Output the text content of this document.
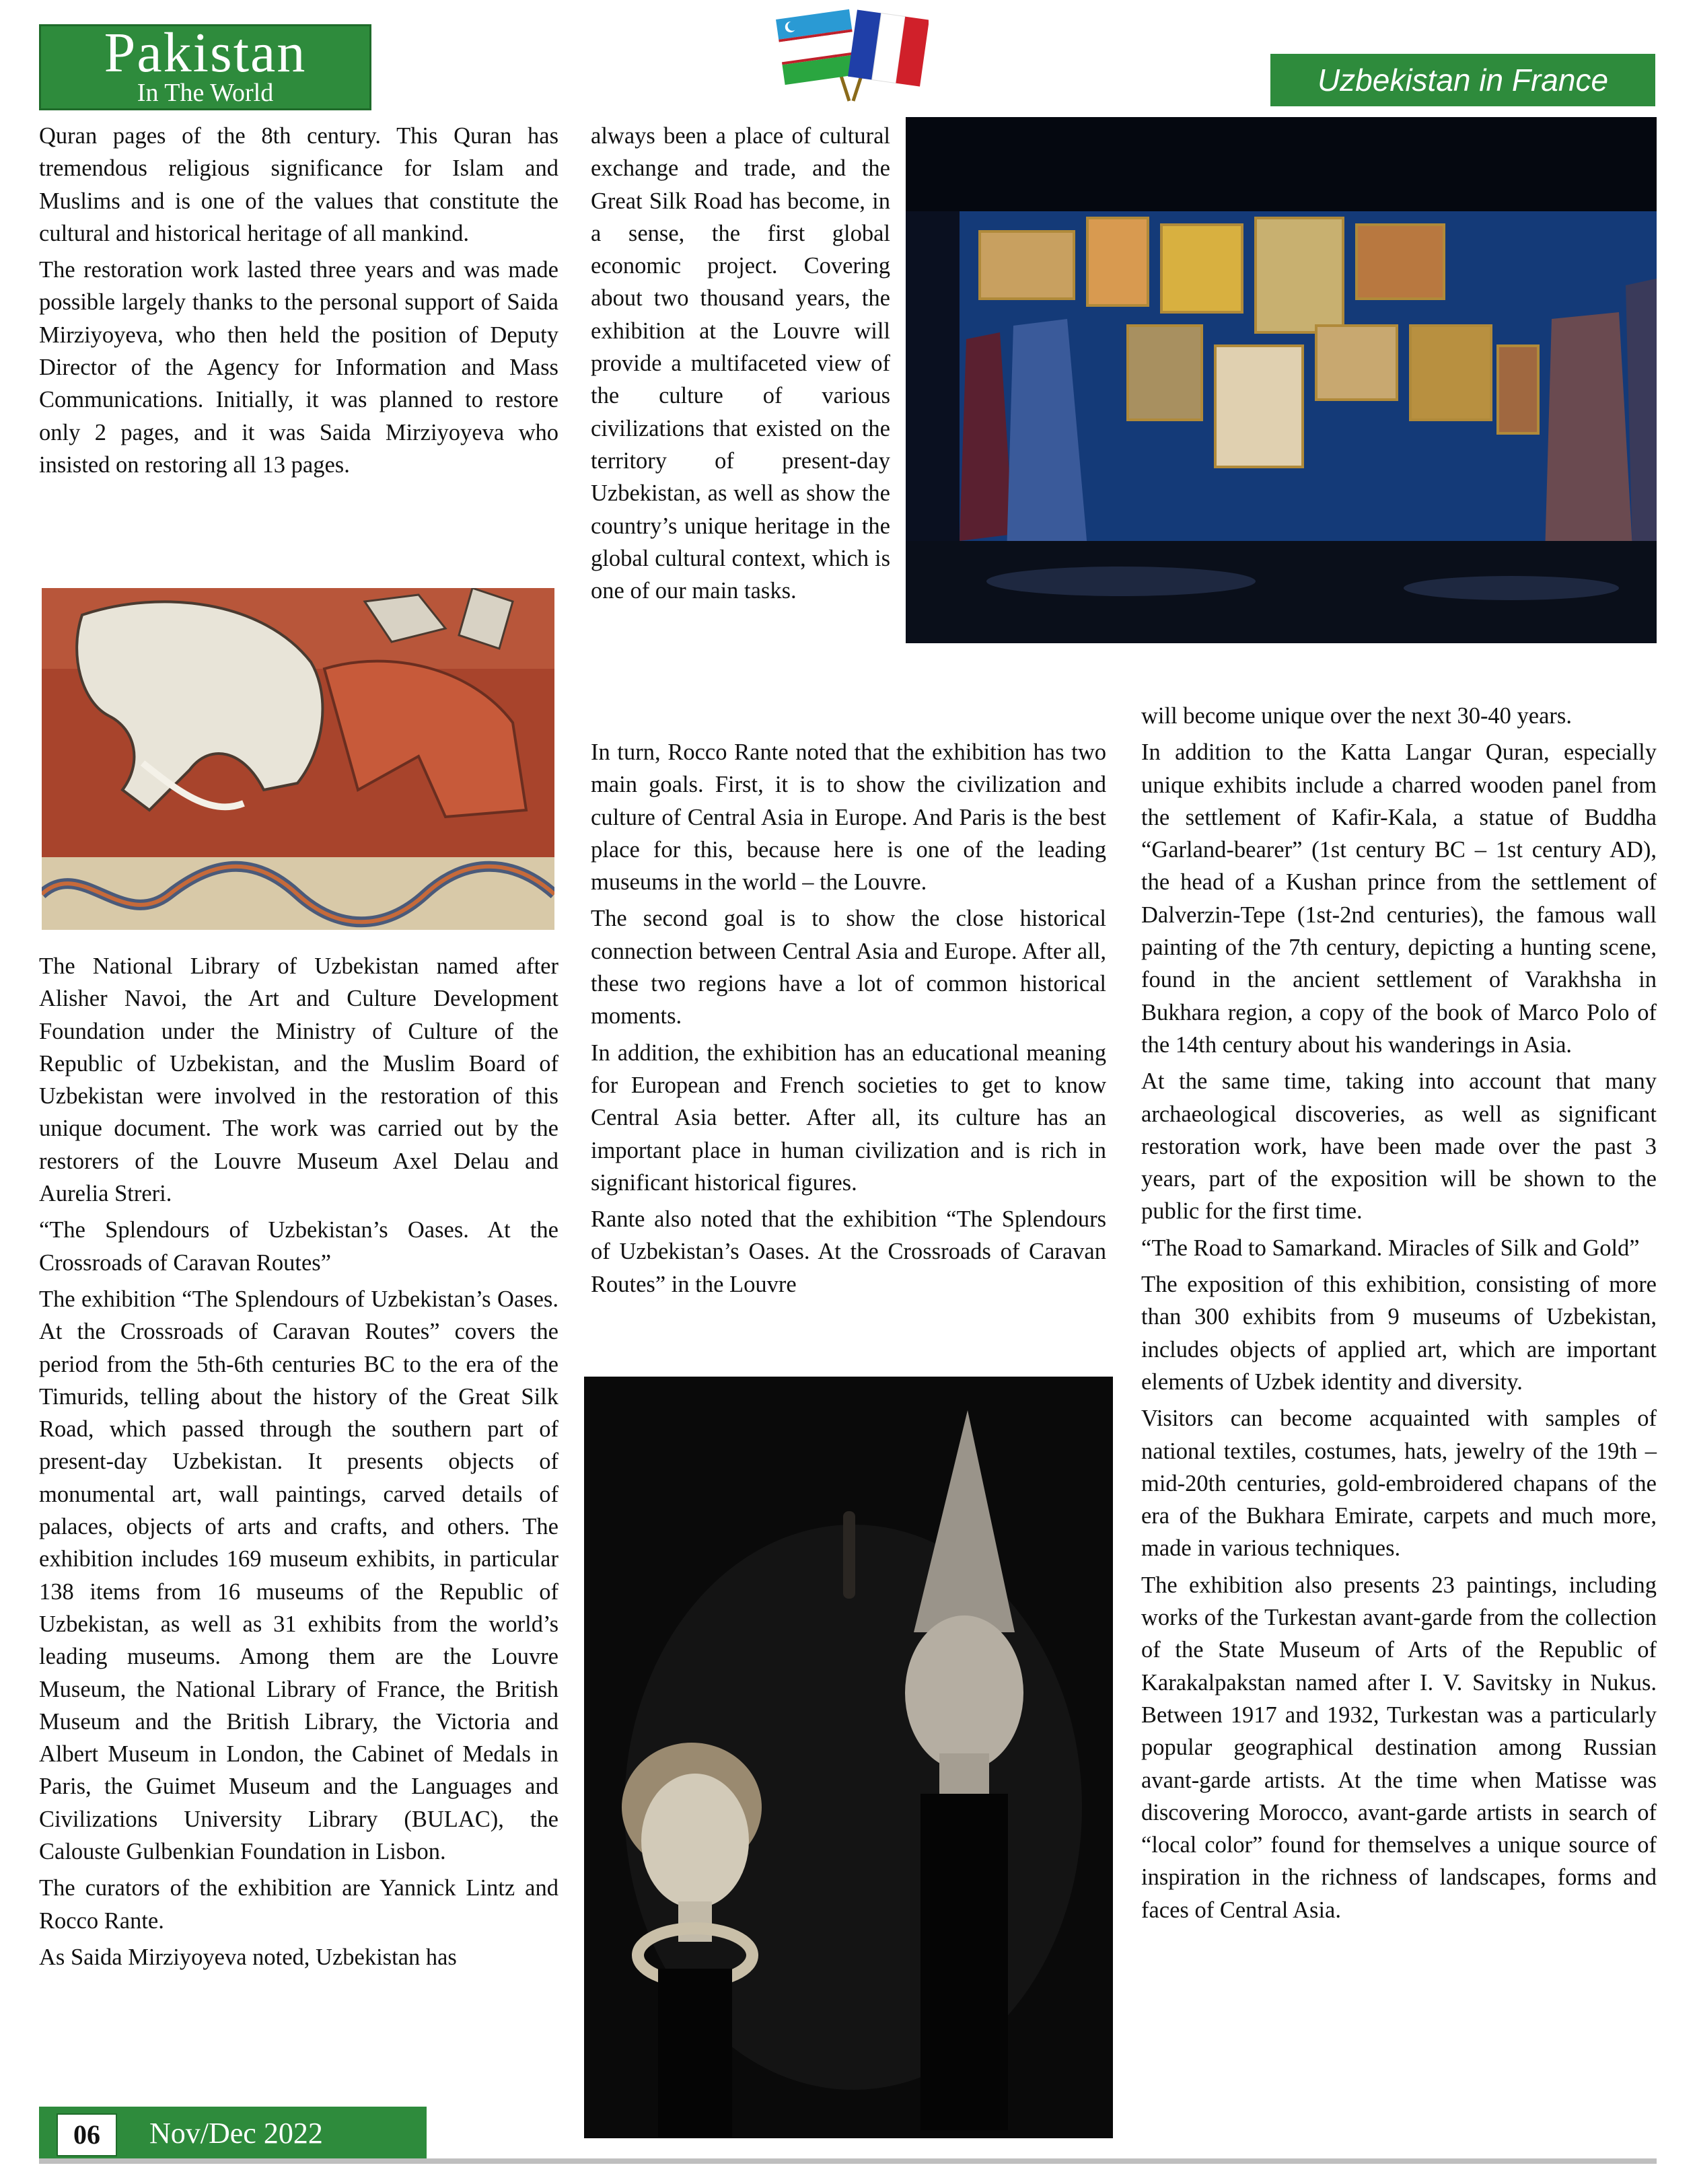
Pakistan
In The World	Uzbekistan in France

Quran pages of the 8th century. This Quran has tremendous religious significance for Islam and Muslims and is one of the values that constitute the cultural and historical heritage of all mankind.

The restoration work lasted three years and was made possible largely thanks to the personal support of Saida Mirziyoyeva, who then held the position of Deputy Director of the Agency for Information and Mass Communications. Initially, it was planned to restore only 2 pages, and it was Saida Mirziyoyeva who insisted on restoring all 13 pages.

The National Library of Uzbekistan named after Alisher Navoi, the Art and Culture Development Foundation under the Ministry of Culture of the Republic of Uzbekistan, and the Muslim Board of Uzbekistan were involved in the restoration of this unique document. The work was carried out by the restorers of the Louvre Museum Axel Delau and Aurelia Streri.

“The Splendours of Uzbekistan’s Oases. At the Crossroads of Caravan Routes”

The exhibition “The Splendours of Uzbekistan’s Oases. At the Crossroads of Caravan Routes” covers the period from the 5th-6th centuries BC to the era of the Timurids, telling about the history of the Great Silk Road, which passed through the southern part of present-day Uzbekistan. It presents objects of monumental art, wall paintings, carved details of palaces, objects of arts and crafts, and others. The exhibition includes 169 museum exhibits, in particular 138 items from 16 museums of the Republic of Uzbekistan, as well as 31 exhibits from the world’s leading museums. Among them are the Louvre Museum, the National Library of France, the British Museum and the British Library, the Victoria and Albert Museum in London, the Cabinet of Medals in Paris, the Guimet Museum and the Languages and Civilizations University Library (BULAC), the Calouste Gulbenkian Foundation in Lisbon.

The curators of the exhibition are Yannick Lintz and Rocco Rante.

As Saida Mirziyoyeva noted, Uzbekistan has

always been a place of cultural exchange and trade, and the Great Silk Road has become, in a sense, the first global economic project. Covering about two thousand years, the exhibition at the Louvre will provide a multifaceted view of the culture of various civilizations that existed on the territory of present-day Uzbekistan, as well as show the country’s unique heritage in the global cultural context, which is one of our main tasks.

In turn, Rocco Rante noted that the exhibition has two main goals. First, it is to show the civilization and culture of Central Asia in Europe. And Paris is the best place for this, because here is one of the leading museums in the world – the Louvre.

The second goal is to show the close historical connection between Central Asia and Europe. After all, these two regions have a lot of common historical moments.

In addition, the exhibition has an educational meaning for European and French societies to get to know Central Asia better. After all, its culture has an important place in human civilization and is rich in significant historical figures.

Rante also noted that the exhibition “The Splendours of Uzbekistan’s Oases. At the Crossroads of Caravan Routes” in the Louvre

will become unique over the next 30-40 years.

In addition to the Katta Langar Quran, especially unique exhibits include a charred wooden panel from the settlement of Kafir-Kala, a statue of Buddha “Garland-bearer” (1st century BC – 1st century AD), the head of a Kushan prince from the settlement of Dalverzin-Tepe (1st-2nd centuries), the famous wall painting of the 7th century, depicting a hunting scene, found in the ancient settlement of Varakhsha in Bukhara region, a copy of the book of Marco Polo of the 14th century about his wanderings in Asia.

At the same time, taking into account that many archaeological discoveries, as well as significant restoration work, have been made over the past 3 years, part of the exposition will be shown to the public for the first time.

“The Road to Samarkand. Miracles of Silk and Gold”

The exposition of this exhibition, consisting of more than 300 exhibits from 9 museums of Uzbekistan, includes objects of applied art, which are important elements of Uzbek identity and diversity.

Visitors can become acquainted with samples of national textiles, costumes, hats, jewelry of the 19th – mid-20th centuries, gold-embroidered chapans of the era of the Bukhara Emirate, carpets and much more, made in various techniques.

The exhibition also presents 23 paintings, including works of the Turkestan avant-garde from the collection of the State Museum of Arts of the Republic of Karakalpakstan named after I. V. Savitsky in Nukus. Between 1917 and 1932, Turkestan was a particularly popular geographical destination among Russian avant-garde artists. At the time when Matisse was discovering Morocco, avant-garde artists in search of “local color” found for themselves a unique source of inspiration in the richness of landscapes, forms and faces of Central Asia.

06	Nov/Dec 2022
